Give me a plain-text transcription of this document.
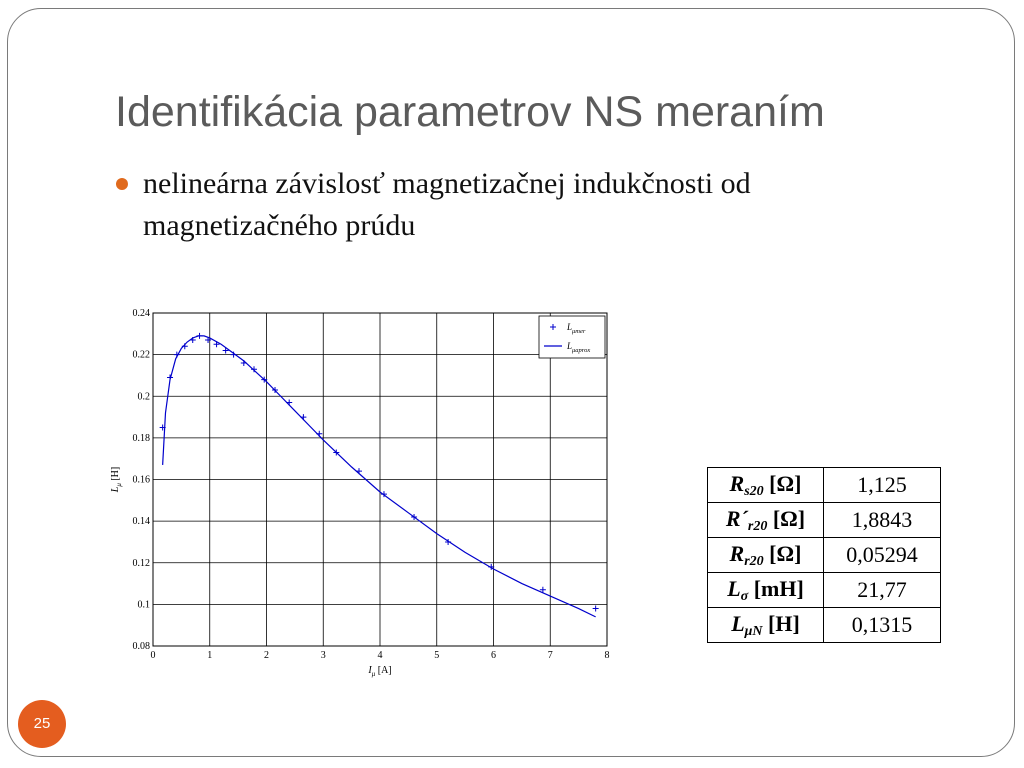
Identifikácia parametrov NS meraním
nelineárna závislosť magnetizačnej indukčnosti od magnetizačného prúdu
0	1	2	3	4	5	6	7	8
0.08
0.1
0.12
0.14
0.16
0.18
0.2
0.22
0.24
$I_\mu$ [A]
$L_\mu$ [H]
$L_{\mu mer}$
$L_{\mu aprox}$
$R_{s20}$ [Ω]	1,125
$R´_{r20}$ [Ω]	1,8843
$R_{r20}$ [Ω]	0,05294
$L_\sigma$ [mH]	21,77
$L_{\mu N}$ [H]	0,1315
25
